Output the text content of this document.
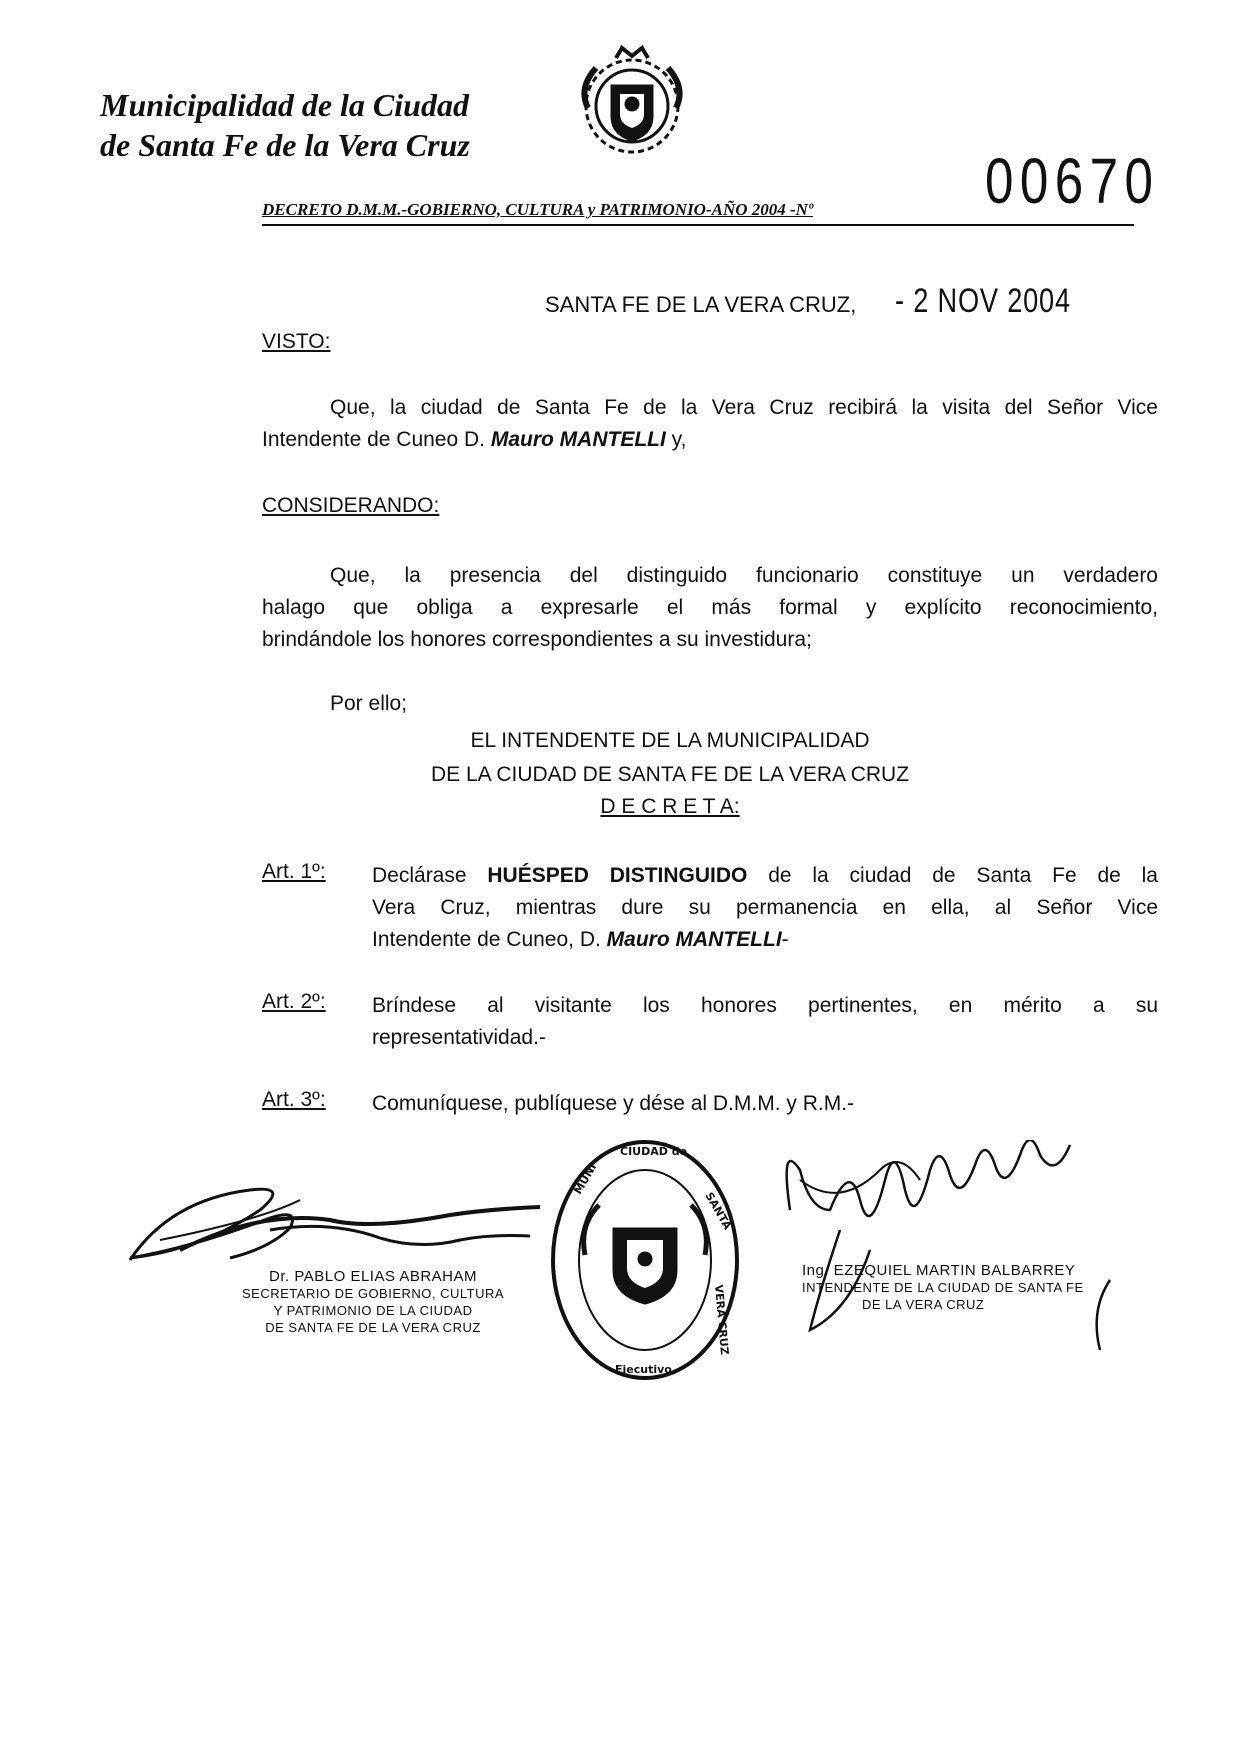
Municipalidad de la Ciudad
de Santa Fe de la Vera Cruz
DECRETO D.M.M.-GOBIERNO, CULTURA y PATRIMONIO-AÑO 2004 -Nº	00670
SANTA FE DE LA VERA CRUZ, - 2 NOV 2004
VISTO:
Que, la ciudad de Santa Fe de la Vera Cruz recibirá la visita del Señor Vice
Intendente de Cuneo D. Mauro MANTELLI y,
CONSIDERANDO:
Que, la presencia del distinguido funcionario constituye un verdadero
halago que obliga a expresarle el más formal y explícito reconocimiento,
brindándole los honores correspondientes a su investidura;
Por ello;
EL INTENDENTE DE LA MUNICIPALIDAD
DE LA CIUDAD DE SANTA FE DE LA VERA CRUZ
D E C R E T A:
Art. 1º: Declárase HUÉSPED DISTINGUIDO de la ciudad de Santa Fe de la
Vera Cruz, mientras dure su permanencia en ella, al Señor Vice
Intendente de Cuneo, D. Mauro MANTELLI-
Art. 2º: Bríndese al visitante los honores pertinentes, en mérito a su
representatividad.-
Art. 3º: Comuníquese, publíquese y dése al D.M.M. y R.M.-
Dr. PABLO ELIAS ABRAHAM
SECRETARIO DE GOBIERNO, CULTURA
Y PATRIMONIO DE LA CIUDAD
DE SANTA FE DE LA VERA CRUZ
MUNI
CIUDAD de
SANTA
VERA CRUZ
Ejecutivo
Ing. EZEQUIEL MARTIN BALBARREY
INTENDENTE DE LA CIUDAD DE SANTA FE
DE LA VERA CRUZ
